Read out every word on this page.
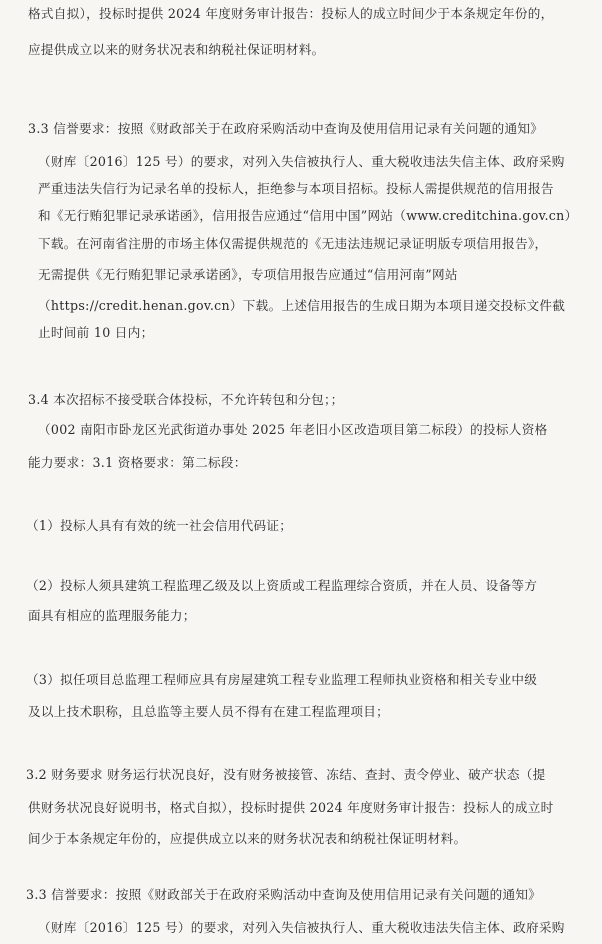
格式自拟），投标时提供 2024 年度财务审计报告：投标人的成立时间少于本条规定年份的，
应提供成立以来的财务状况表和纳税社保证明材料。
3.3 信誉要求：按照《财政部关于在政府采购活动中查询及使用信用记录有关问题的通知》
（财库〔2016〕125 号）的要求，对列入失信被执行人、重大税收违法失信主体、政府采购
严重违法失信行为记录名单的投标人，拒绝参与本项目招标。投标人需提供规范的信用报告
和《无行贿犯罪记录承诺函》，信用报告应通过“信用中国”网站（www.creditchina.gov.cn）
下载。在河南省注册的市场主体仅需提供规范的《无违法违规记录证明版专项信用报告》，
无需提供《无行贿犯罪记录承诺函》，专项信用报告应通过“信用河南”网站
（https://credit.henan.gov.cn）下载。上述信用报告的生成日期为本项目递交投标文件截
止时间前 10 日内；
3.4 本次招标不接受联合体投标，不允许转包和分包；；
（002 南阳市卧龙区光武街道办事处 2025 年老旧小区改造项目第二标段）的投标人资格
能力要求：3.1 资格要求：第二标段：
（1）投标人具有有效的统一社会信用代码证；
（2）投标人须具建筑工程监理乙级及以上资质或工程监理综合资质，并在人员、设备等方
面具有相应的监理服务能力；
（3）拟任项目总监理工程师应具有房屋建筑工程专业监理工程师执业资格和相关专业中级
及以上技术职称，且总监等主要人员不得有在建工程监理项目；
3.2 财务要求 财务运行状况良好，没有财务被接管、冻结、查封、责令停业、破产状态（提
供财务状况良好说明书，格式自拟），投标时提供 2024 年度财务审计报告：投标人的成立时
间少于本条规定年份的，应提供成立以来的财务状况表和纳税社保证明材料。
3.3 信誉要求：按照《财政部关于在政府采购活动中查询及使用信用记录有关问题的通知》
（财库〔2016〕125 号）的要求，对列入失信被执行人、重大税收违法失信主体、政府采购
